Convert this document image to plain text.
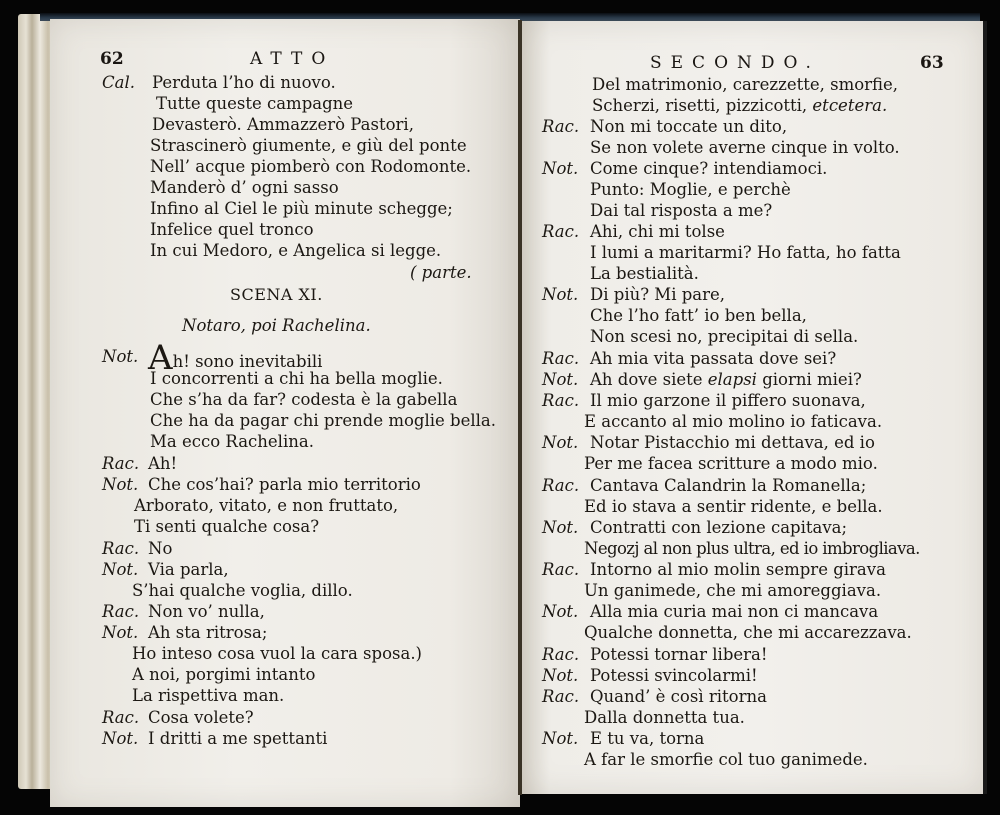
62	ATTO
Cal. Perduta l’ho di nuovo.
Tutte queste campagne
Devasterò. Ammazzerò Pastori,
Strascinerò giumente, e giù del ponte
Nell’ acque piomberò con Rodomonte.
Manderò d’ ogni sasso
Infino al Ciel le più minute schegge;
Infelice quel tronco
In cui Medoro, e Angelica si legge.
( parte.
SCENA XI.
Notaro, poi Rachelina.
Not. Ah! sono inevitabili
I concorrenti a chi ha bella moglie.
Che s’ha da far? codesta è la gabella
Che ha da pagar chi prende moglie bella.
Ma ecco Rachelina.
Rac. Ah!
Not. Che cos’hai? parla mio territorio
Arborato, vitato, e non fruttato,
Ti senti qualche cosa?
Rac. No
Not. Via parla,
S’hai qualche voglia, dillo.
Rac. Non vo’ nulla,
Not. Ah sta ritrosa;
Ho inteso cosa vuol la cara sposa.)
A noi, porgimi intanto
La rispettiva man.
Rac. Cosa volete?
Not. I dritti a me spettanti
SECONDO.	63
Del matrimonio, carezzette, smorfie,
Scherzi, risetti, pizzicotti, etcetera.
Rac. Non mi toccate un dito,
Se non volete averne cinque in volto.
Not. Come cinque? intendiamoci.
Punto: Moglie, e perchè
Dai tal risposta a me?
Rac. Ahi, chi mi tolse
I lumi a maritarmi? Ho fatta, ho fatta
La bestialità.
Not. Di più? Mi pare,
Che l’ho fatt’ io ben bella,
Non scesi no, precipitai di sella.
Rac. Ah mia vita passata dove sei?
Not. Ah dove siete elapsi giorni miei?
Rac. Il mio garzone il piffero suonava,
E accanto al mio molino io faticava.
Not. Notar Pistacchio mi dettava, ed io
Per me facea scritture a modo mio.
Rac. Cantava Calandrin la Romanella;
Ed io stava a sentir ridente, e bella.
Not. Contratti con lezione capitava;
Negozj al non plus ultra, ed io imbrogliava.
Rac. Intorno al mio molin sempre girava
Un ganimede, che mi amoreggiava.
Not. Alla mia curia mai non ci mancava
Qualche donnetta, che mi accarezzava.
Rac. Potessi tornar libera!
Not. Potessi svincolarmi!
Rac. Quand’ è così ritorna
Dalla donnetta tua.
Not. E tu va, torna
A far le smorfie col tuo ganimede.
